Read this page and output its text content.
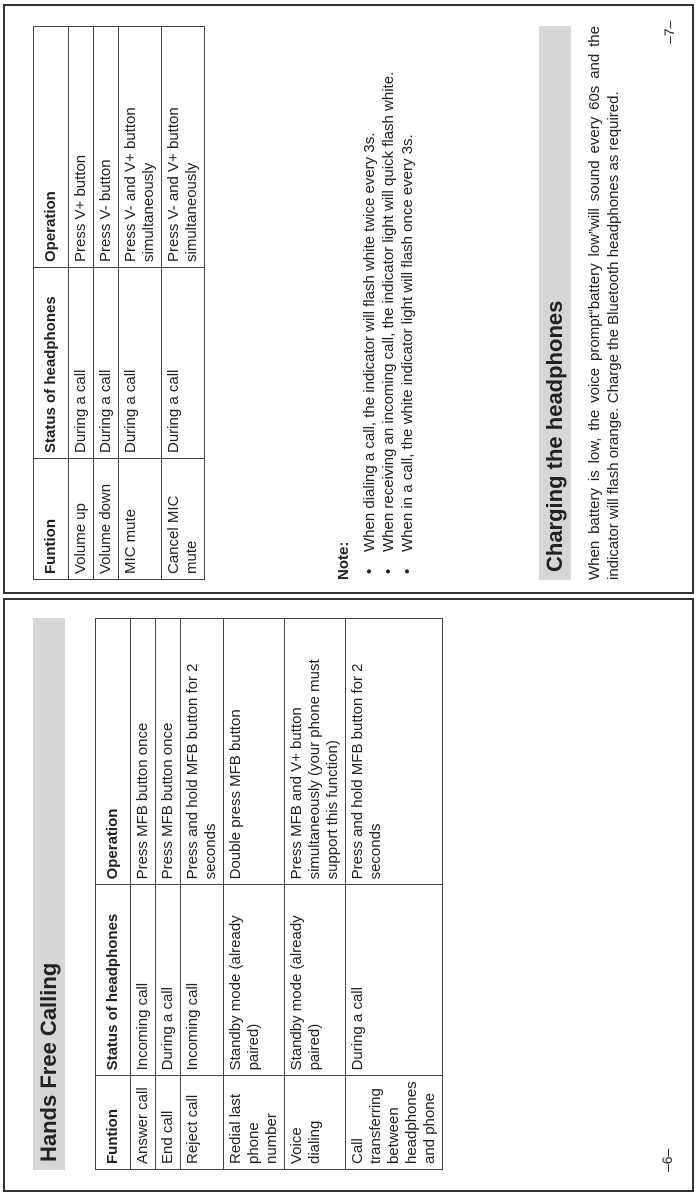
Hands Free Calling	Funtion	Status of headphones	Operation
Answer call	Incoming call	Press MFB button once
End call	During a call	Press MFB button once
Reject call	Incoming call	Press and hold MFB button for 2 seconds
Redial last phone number	Standby mode (already paired)	Double press MFB button
Voice dialing	Standby mode (already paired)	Press MFB and V+ button simultaneously (your phone must support this function)
Call transferring between headphones and phone	During a call	Press and hold MFB button for 2 seconds
–6–
Funtion	Status of headphones	Operation
Volume up	During a call	Press V+ button
Volume down	During a call	Press V- button
MIC mute	During a call	Press V- and V+ button simultaneously
Cancel MIC mute	During a call	Press V- and V+ button simultaneously
Note:
• When dialing a call, the indicator will flash white twice every 3s. • When receiving an incoming call, the indicator light will quick flash white. • When in a call, the white indicator light will flash once every 3s.	Charging the headphones When battery is low, the voice prompt“battery low”will sound every 60s and the indicator will flash orange. Charge the Bluetooth headphones as required.
–7–
